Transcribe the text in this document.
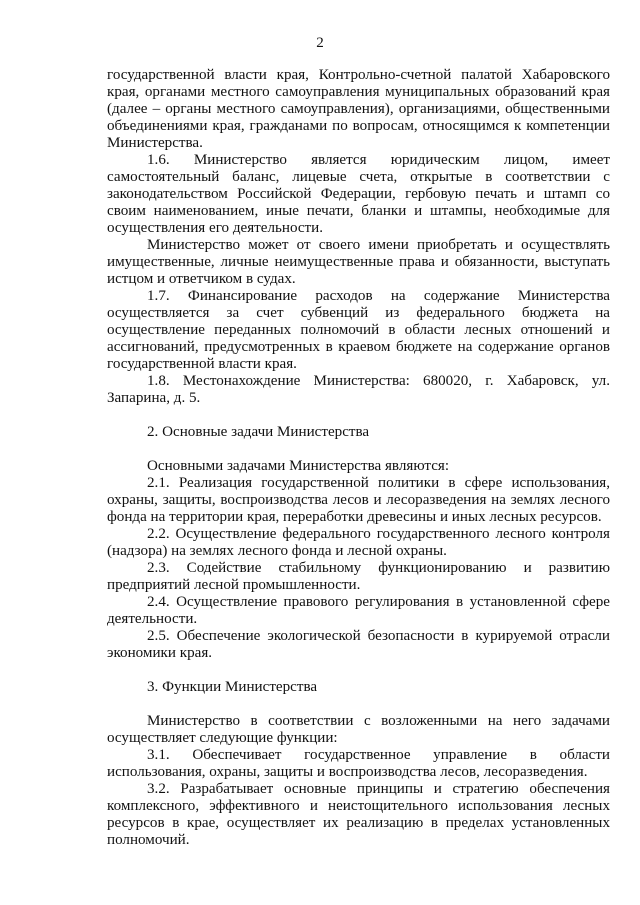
2

государственной власти края, Контрольно-счетной палатой Хабаровского края, органами местного самоуправления муниципальных образований края (далее – органы местного самоуправления), организациями, общественными объединениями края, гражданами по вопросам, относящимся к компетенции Министерства.

1.6. Министерство является юридическим лицом, имеет самостоятельный баланс, лицевые счета, открытые в соответствии с законодательством Российской Федерации, гербовую печать и штамп со своим наименованием, иные печати, бланки и штампы, необходимые для осуществления его деятельности.

Министерство может от своего имени приобретать и осуществлять имущественные, личные неимущественные права и обязанности, выступать истцом и ответчиком в судах.

1.7. Финансирование расходов на содержание Министерства осуществляется за счет субвенций из федерального бюджета на осуществление переданных полномочий в области лесных отношений и ассигнований, предусмотренных в краевом бюджете на содержание органов государственной власти края.

1.8. Местонахождение Министерства: 680020, г. Хабаровск, ул. Запарина, д. 5.

2. Основные задачи Министерства

Основными задачами Министерства являются:

2.1. Реализация государственной политики в сфере использования, охраны, защиты, воспроизводства лесов и лесоразведения на землях лесного фонда на территории края, переработки древесины и иных лесных ресурсов.

2.2. Осуществление федерального государственного лесного контроля (надзора) на землях лесного фонда и лесной охраны.

2.3. Содействие стабильному функционированию и развитию предприятий лесной промышленности.

2.4. Осуществление правового регулирования в установленной сфере деятельности.

2.5. Обеспечение экологической безопасности в курируемой отрасли экономики края.

3. Функции Министерства

Министерство в соответствии с возложенными на него задачами осуществляет следующие функции:

3.1. Обеспечивает государственное управление в области использования, охраны, защиты и воспроизводства лесов, лесоразведения.

3.2. Разрабатывает основные принципы и стратегию обеспечения комплексного, эффективного и неистощительного использования лесных ресурсов в крае, осуществляет их реализацию в пределах установленных полномочий.
